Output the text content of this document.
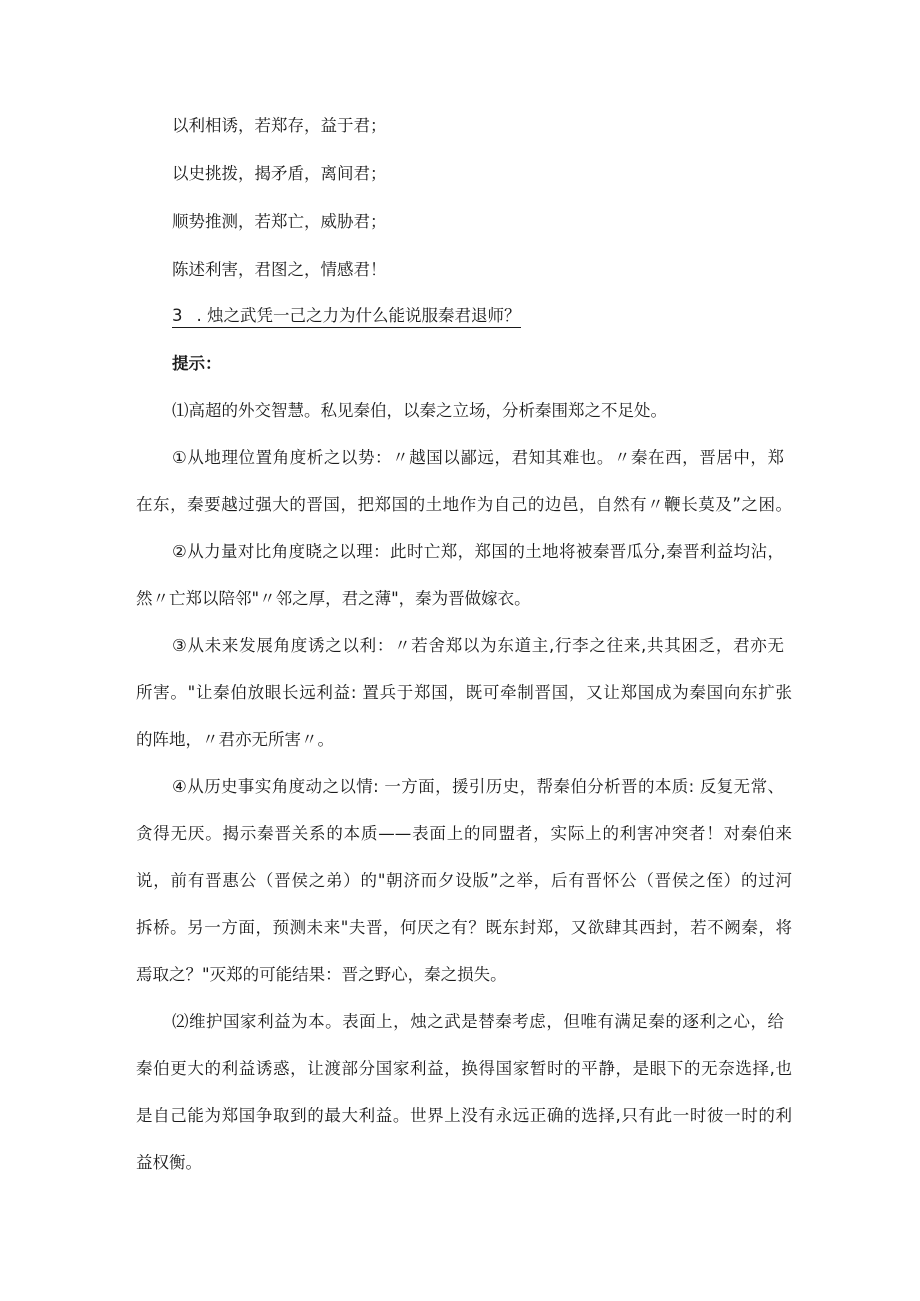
以利相诱，若郑存，益于君；
以史挑拨，揭矛盾，离间君；
顺势推测，若郑亡，威胁君；
陈述利害，君图之，情感君！
3 . 烛之武凭一己之力为什么能说服秦君退师？
提示：
⑴高超的外交智慧。私见秦伯，以秦之立场，分析秦围郑之不足处。
①从地理位置角度析之以势：〃越国以鄙远，君知其难也。〃秦在西，晋居中，郑
在东，秦要越过强大的晋国，把郑国的土地作为自己的边邑，自然有〃鞭长莫及”之困。
②从力量对比角度晓之以理：此时亡郑，郑国的土地将被秦晋瓜分,秦晋利益均沾，
然〃亡郑以陪邻"〃邻之厚，君之薄"，秦为晋做嫁衣。
③从未来发展角度诱之以利：〃若舍郑以为东道主,行李之往来,共其困乏，君亦无
所害。"让秦伯放眼长远利益: 置兵于郑国，既可牵制晋国，又让郑国成为秦国向东扩张
的阵地，〃君亦无所害〃。
④从历史事实角度动之以情: 一方面，援引历史，帮秦伯分析晋的本质: 反复无常、
贪得无厌。揭示秦晋关系的本质——表面上的同盟者，实际上的利害冲突者！对秦伯来
说，前有晋惠公（晋侯之弟）的"朝济而夕设版”之举，后有晋怀公（晋侯之侄）的过河
拆桥。另一方面，预测未来"夫晋，何厌之有？既东封郑，又欲肆其西封，若不阙秦，将
焉取之？"灭郑的可能结果：晋之野心，秦之损失。
⑵维护国家利益为本。表面上，烛之武是替秦考虑，但唯有满足秦的逐利之心，给
秦伯更大的利益诱惑，让渡部分国家利益，换得国家暂时的平静，是眼下的无奈选择,也
是自己能为郑国争取到的最大利益。世界上没有永远正确的选择,只有此一时彼一时的利
益权衡。
